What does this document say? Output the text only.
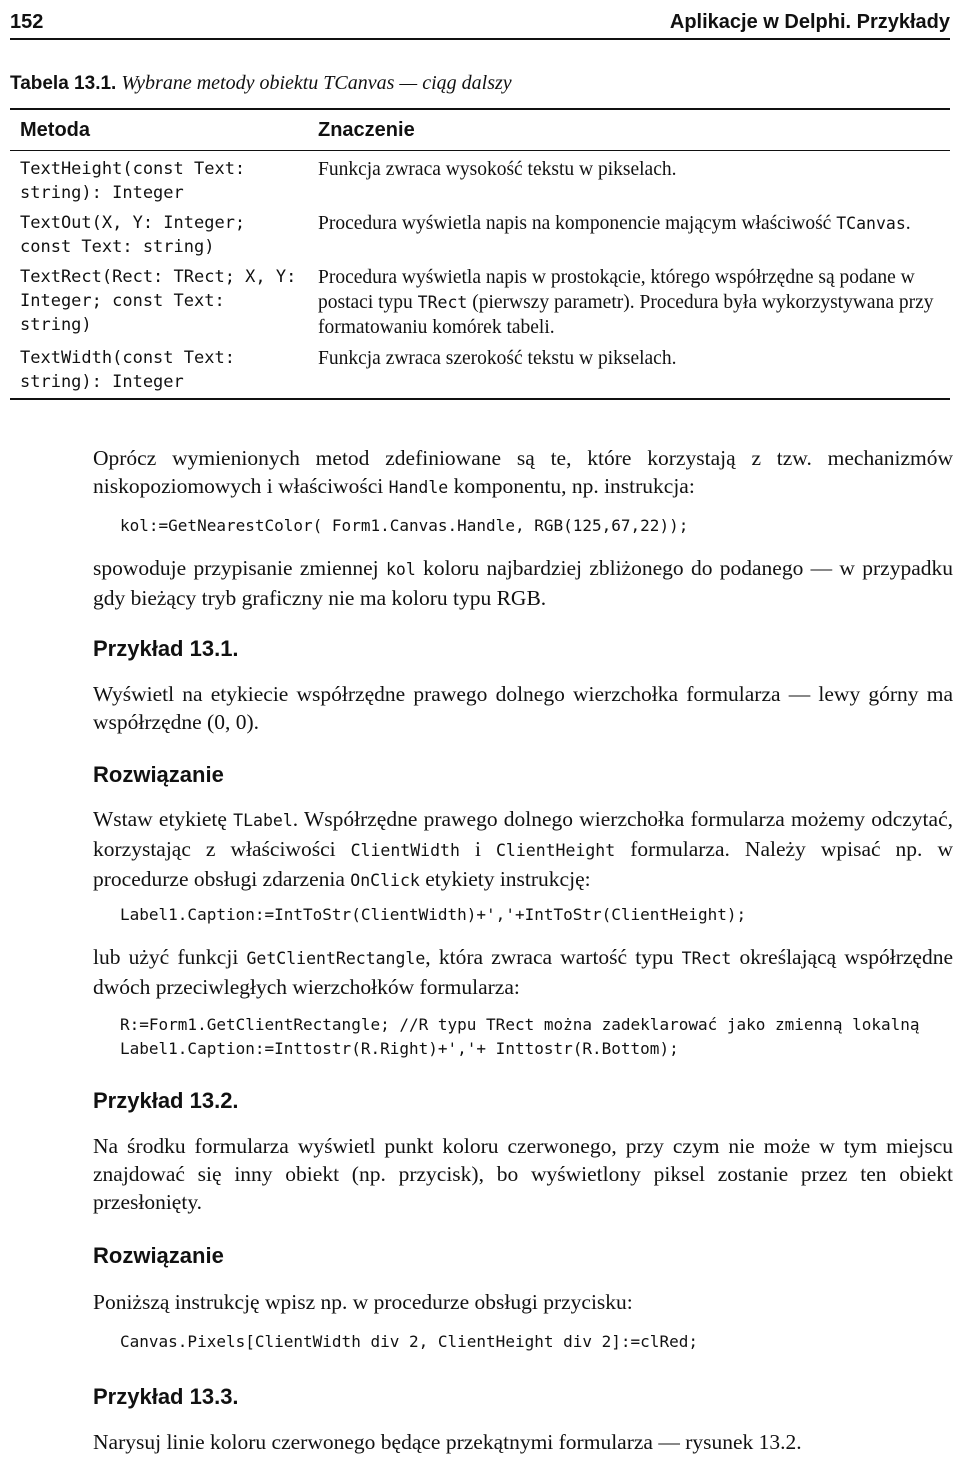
152	Aplikacje w Delphi. Przykłady
Tabela 13.1. Wybrane metody obiektu TCanvas — ciąg dalszy
Metoda	Znaczenie
TextHeight(const Text:
string): Integer
Funkcja zwraca wysokość tekstu w pikselach.
TextOut(X, Y: Integer;
const Text: string)
Procedura wyświetla napis na komponencie mającym właściwość TCanvas.
TextRect(Rect: TRect; X, Y:
Integer; const Text:
string)
Procedura wyświetla napis w prostokącie, którego współrzędne są podane w postaci typu TRect (pierwszy parametr). Procedura była wykorzystywana przy formatowaniu komórek tabeli.
TextWidth(const Text:
string): Integer
Funkcja zwraca szerokość tekstu w pikselach.
Oprócz wymienionych metod zdefiniowane są te, które korzystają z tzw. mechanizmów niskopoziomowych i właściwości Handle komponentu, np. instrukcja:
kol:=GetNearestColor( Form1.Canvas.Handle, RGB(125,67,22));
spowoduje przypisanie zmiennej kol koloru najbardziej zbliżonego do podanego — w przypadku gdy bieżący tryb graficzny nie ma koloru typu RGB.
Przykład 13.1.
Wyświetl na etykiecie współrzędne prawego dolnego wierzchołka formularza — lewy górny ma współrzędne (0, 0).
Rozwiązanie
Wstaw etykietę TLabel. Współrzędne prawego dolnego wierzchołka formularza możemy odczytać, korzystając z właściwości ClientWidth i ClientHeight formularza. Należy wpisać np. w procedurze obsługi zdarzenia OnClick etykiety instrukcję:
Label1.Caption:=IntToStr(ClientWidth)+','+IntToStr(ClientHeight);
lub użyć funkcji GetClientRectangle, która zwraca wartość typu TRect określającą współrzędne dwóch przeciwległych wierzchołków formularza:
R:=Form1.GetClientRectangle; //R typu TRect można zadeklarować jako zmienną lokalną
Label1.Caption:=Inttostr(R.Right)+','+ Inttostr(R.Bottom);
Przykład 13.2.
Na środku formularza wyświetl punkt koloru czerwonego, przy czym nie może w tym miejscu znajdować się inny obiekt (np. przycisk), bo wyświetlony piksel zostanie przez ten obiekt przesłonięty.
Rozwiązanie
Poniższą instrukcję wpisz np. w procedurze obsługi przycisku:
Canvas.Pixels[ClientWidth div 2, ClientHeight div 2]:=clRed;
Przykład 13.3.
Narysuj linie koloru czerwonego będące przekątnymi formularza — rysunek 13.2.
